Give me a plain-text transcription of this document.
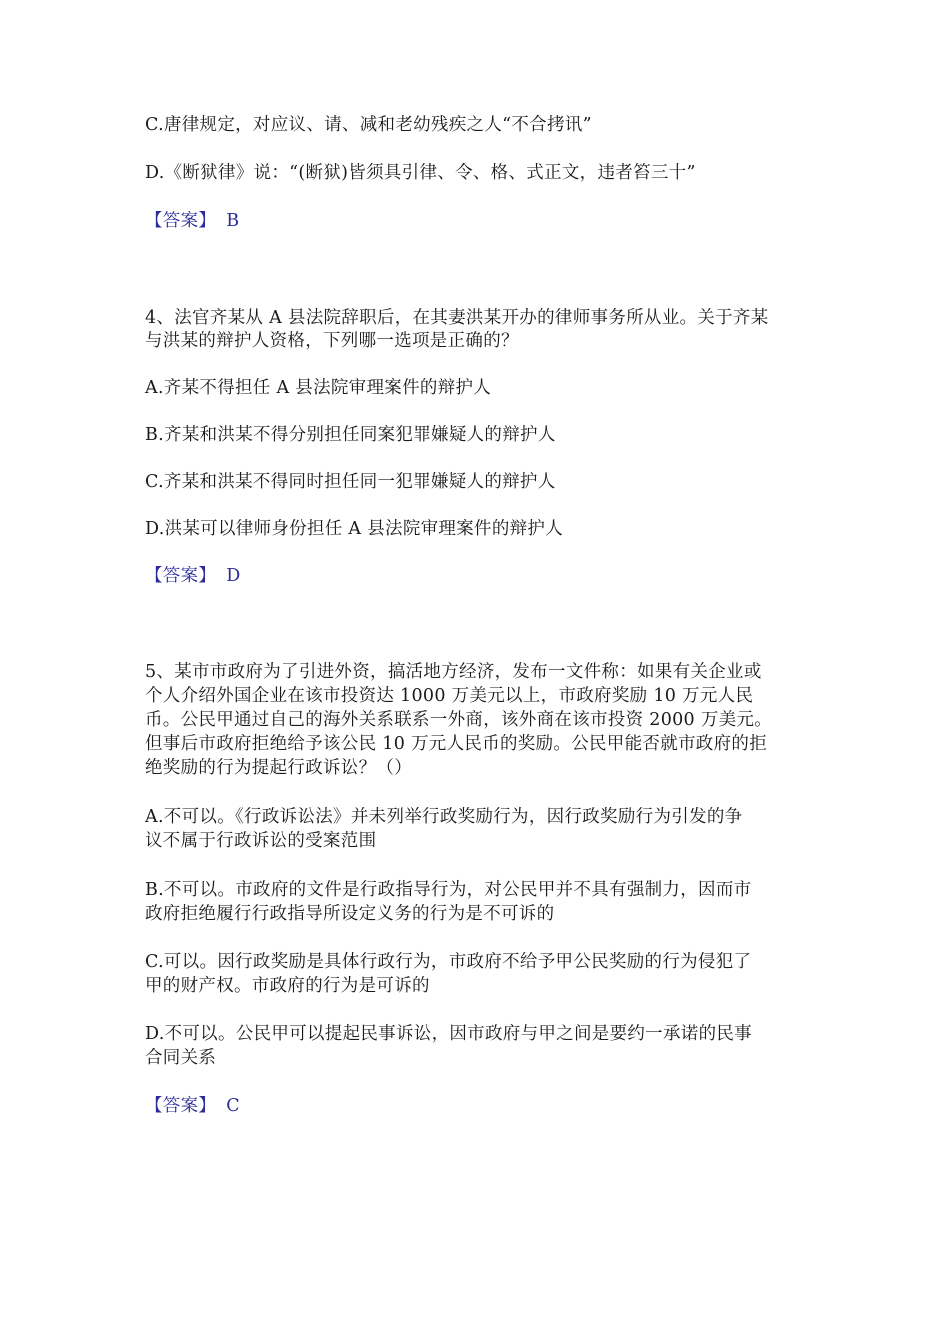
C.唐律规定，对应议、请、减和老幼残疾之人“不合拷讯”
D.《断狱律》说：“(断狱)皆须具引律、令、格、式正文，违者笞三十”
【答案】 B
4、法官齐某从 A 县法院辞职后，在其妻洪某开办的律师事务所从业。关于齐某
与洪某的辩护人资格，下列哪一选项是正确的？
A.齐某不得担任 A 县法院审理案件的辩护人
B.齐某和洪某不得分别担任同案犯罪嫌疑人的辩护人
C.齐某和洪某不得同时担任同一犯罪嫌疑人的辩护人
D.洪某可以律师身份担任 A 县法院审理案件的辩护人
【答案】 D
5、某市市政府为了引进外资，搞活地方经济，发布一文件称：如果有关企业或
个人介绍外国企业在该市投资达 1000 万美元以上，市政府奖励 10 万元人民
币。公民甲通过自己的海外关系联系一外商，该外商在该市投资 2000 万美元。
但事后市政府拒绝给予该公民 10 万元人民币的奖励。公民甲能否就市政府的拒
绝奖励的行为提起行政诉讼？（）
A.不可以。《行政诉讼法》并未列举行政奖励行为，因行政奖励行为引发的争
议不属于行政诉讼的受案范围
B.不可以。市政府的文件是行政指导行为，对公民甲并不具有强制力，因而市
政府拒绝履行行政指导所设定义务的行为是不可诉的
C.可以。因行政奖励是具体行政行为，市政府不给予甲公民奖励的行为侵犯了
甲的财产权。市政府的行为是可诉的
D.不可以。公民甲可以提起民事诉讼，因市政府与甲之间是要约一承诺的民事
合同关系
【答案】 C
